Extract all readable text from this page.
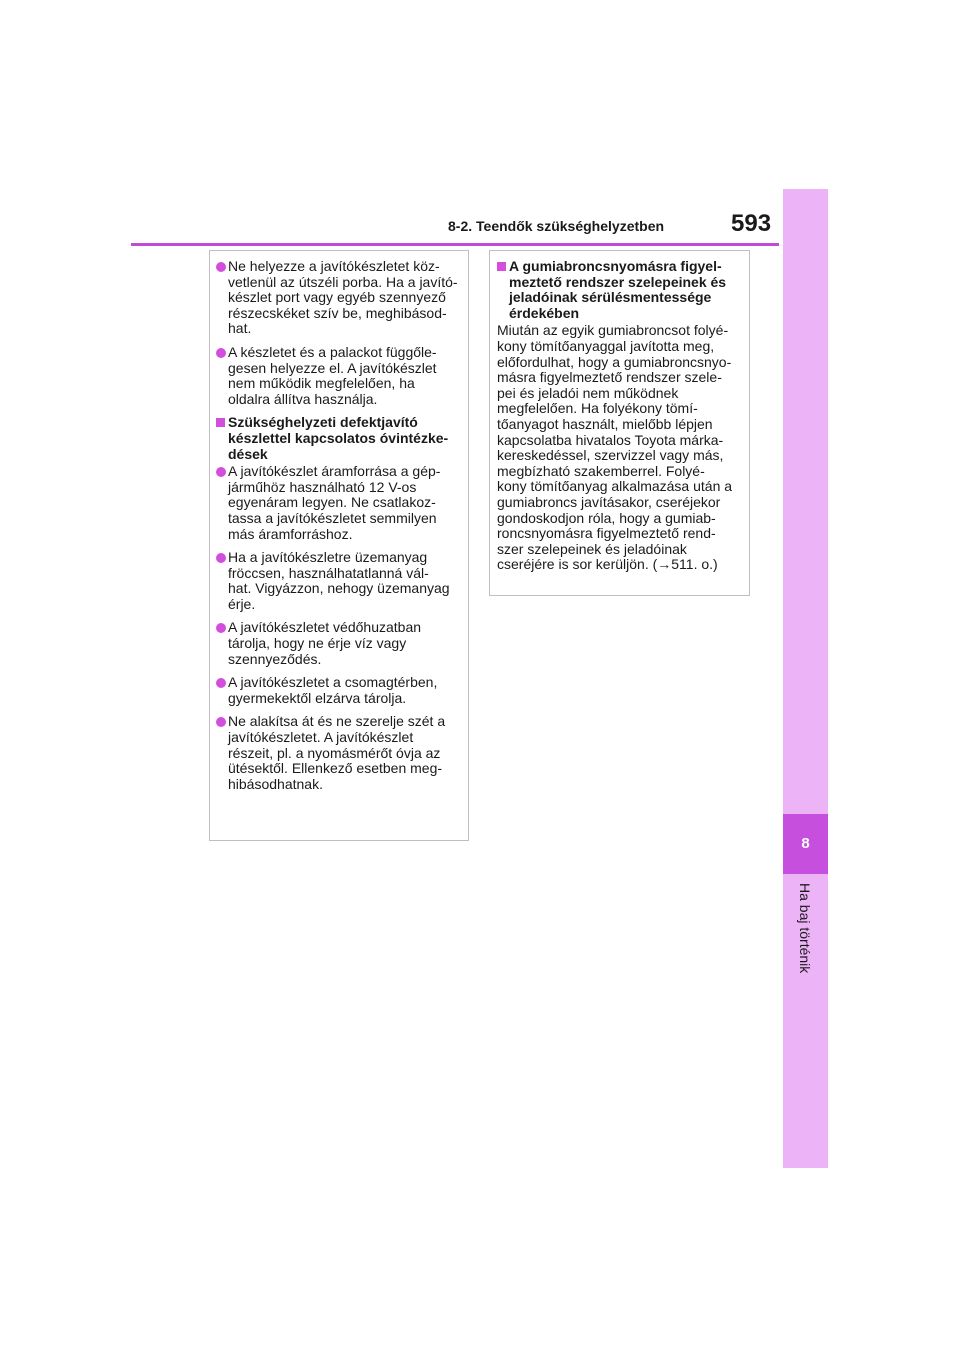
8-2. Teendők szükséghelyzetben	593
8
Ha baj történik
Ne helyezze a javítókészletet köz-
vetlenül az útszéli porba. Ha a javító-
készlet port vagy egyéb szennyező
részecskéket szív be, meghibásod-
hat.
A készletet és a palackot függőle-
gesen helyezze el. A javítókészlet
nem működik megfelelően, ha
oldalra állítva használja.
Szükséghelyzeti defektjavító
készlettel kapcsolatos óvintézke-
dések
A javítókészlet áramforrása a gép-
járműhöz használható 12 V-os
egyenáram legyen. Ne csatlakoz-
tassa a javítókészletet semmilyen
más áramforráshoz.
Ha a javítókészletre üzemanyag
fröccsen, használhatatlanná vál-
hat. Vigyázzon, nehogy üzemanyag
érje.
A javítókészletet védőhuzatban
tárolja, hogy ne érje víz vagy
szennyeződés.
A javítókészletet a csomagtérben,
gyermekektől elzárva tárolja.
Ne alakítsa át és ne szerelje szét a
javítókészletet. A javítókészlet
részeit, pl. a nyomásmérőt óvja az
ütésektől. Ellenkező esetben meg-
hibásodhatnak.
A gumiabroncsnyomásra figyel-
meztető rendszer szelepeinek és
jeladóinak sérülésmentessége
érdekében

Miután az egyik gumiabroncsot folyé-
kony tömítőanyaggal javította meg,
előfordulhat, hogy a gumiabroncsnyo-
másra figyelmeztető rendszer szele-
pei és jeladói nem működnek
megfelelően. Ha folyékony tömí-
tőanyagot használt, mielőbb lépjen
kapcsolatba hivatalos Toyota márka-
kereskedéssel, szervizzel vagy más,
megbízható szakemberrel. Folyé-
kony tömítőanyag alkalmazása után a
gumiabroncs javításakor, cseréjekor
gondoskodjon róla, hogy a gumiab-
roncsnyomásra figyelmeztető rend-
szer szelepeinek és jeladóinak
cseréjére is sor kerüljön. (→511. o.)
